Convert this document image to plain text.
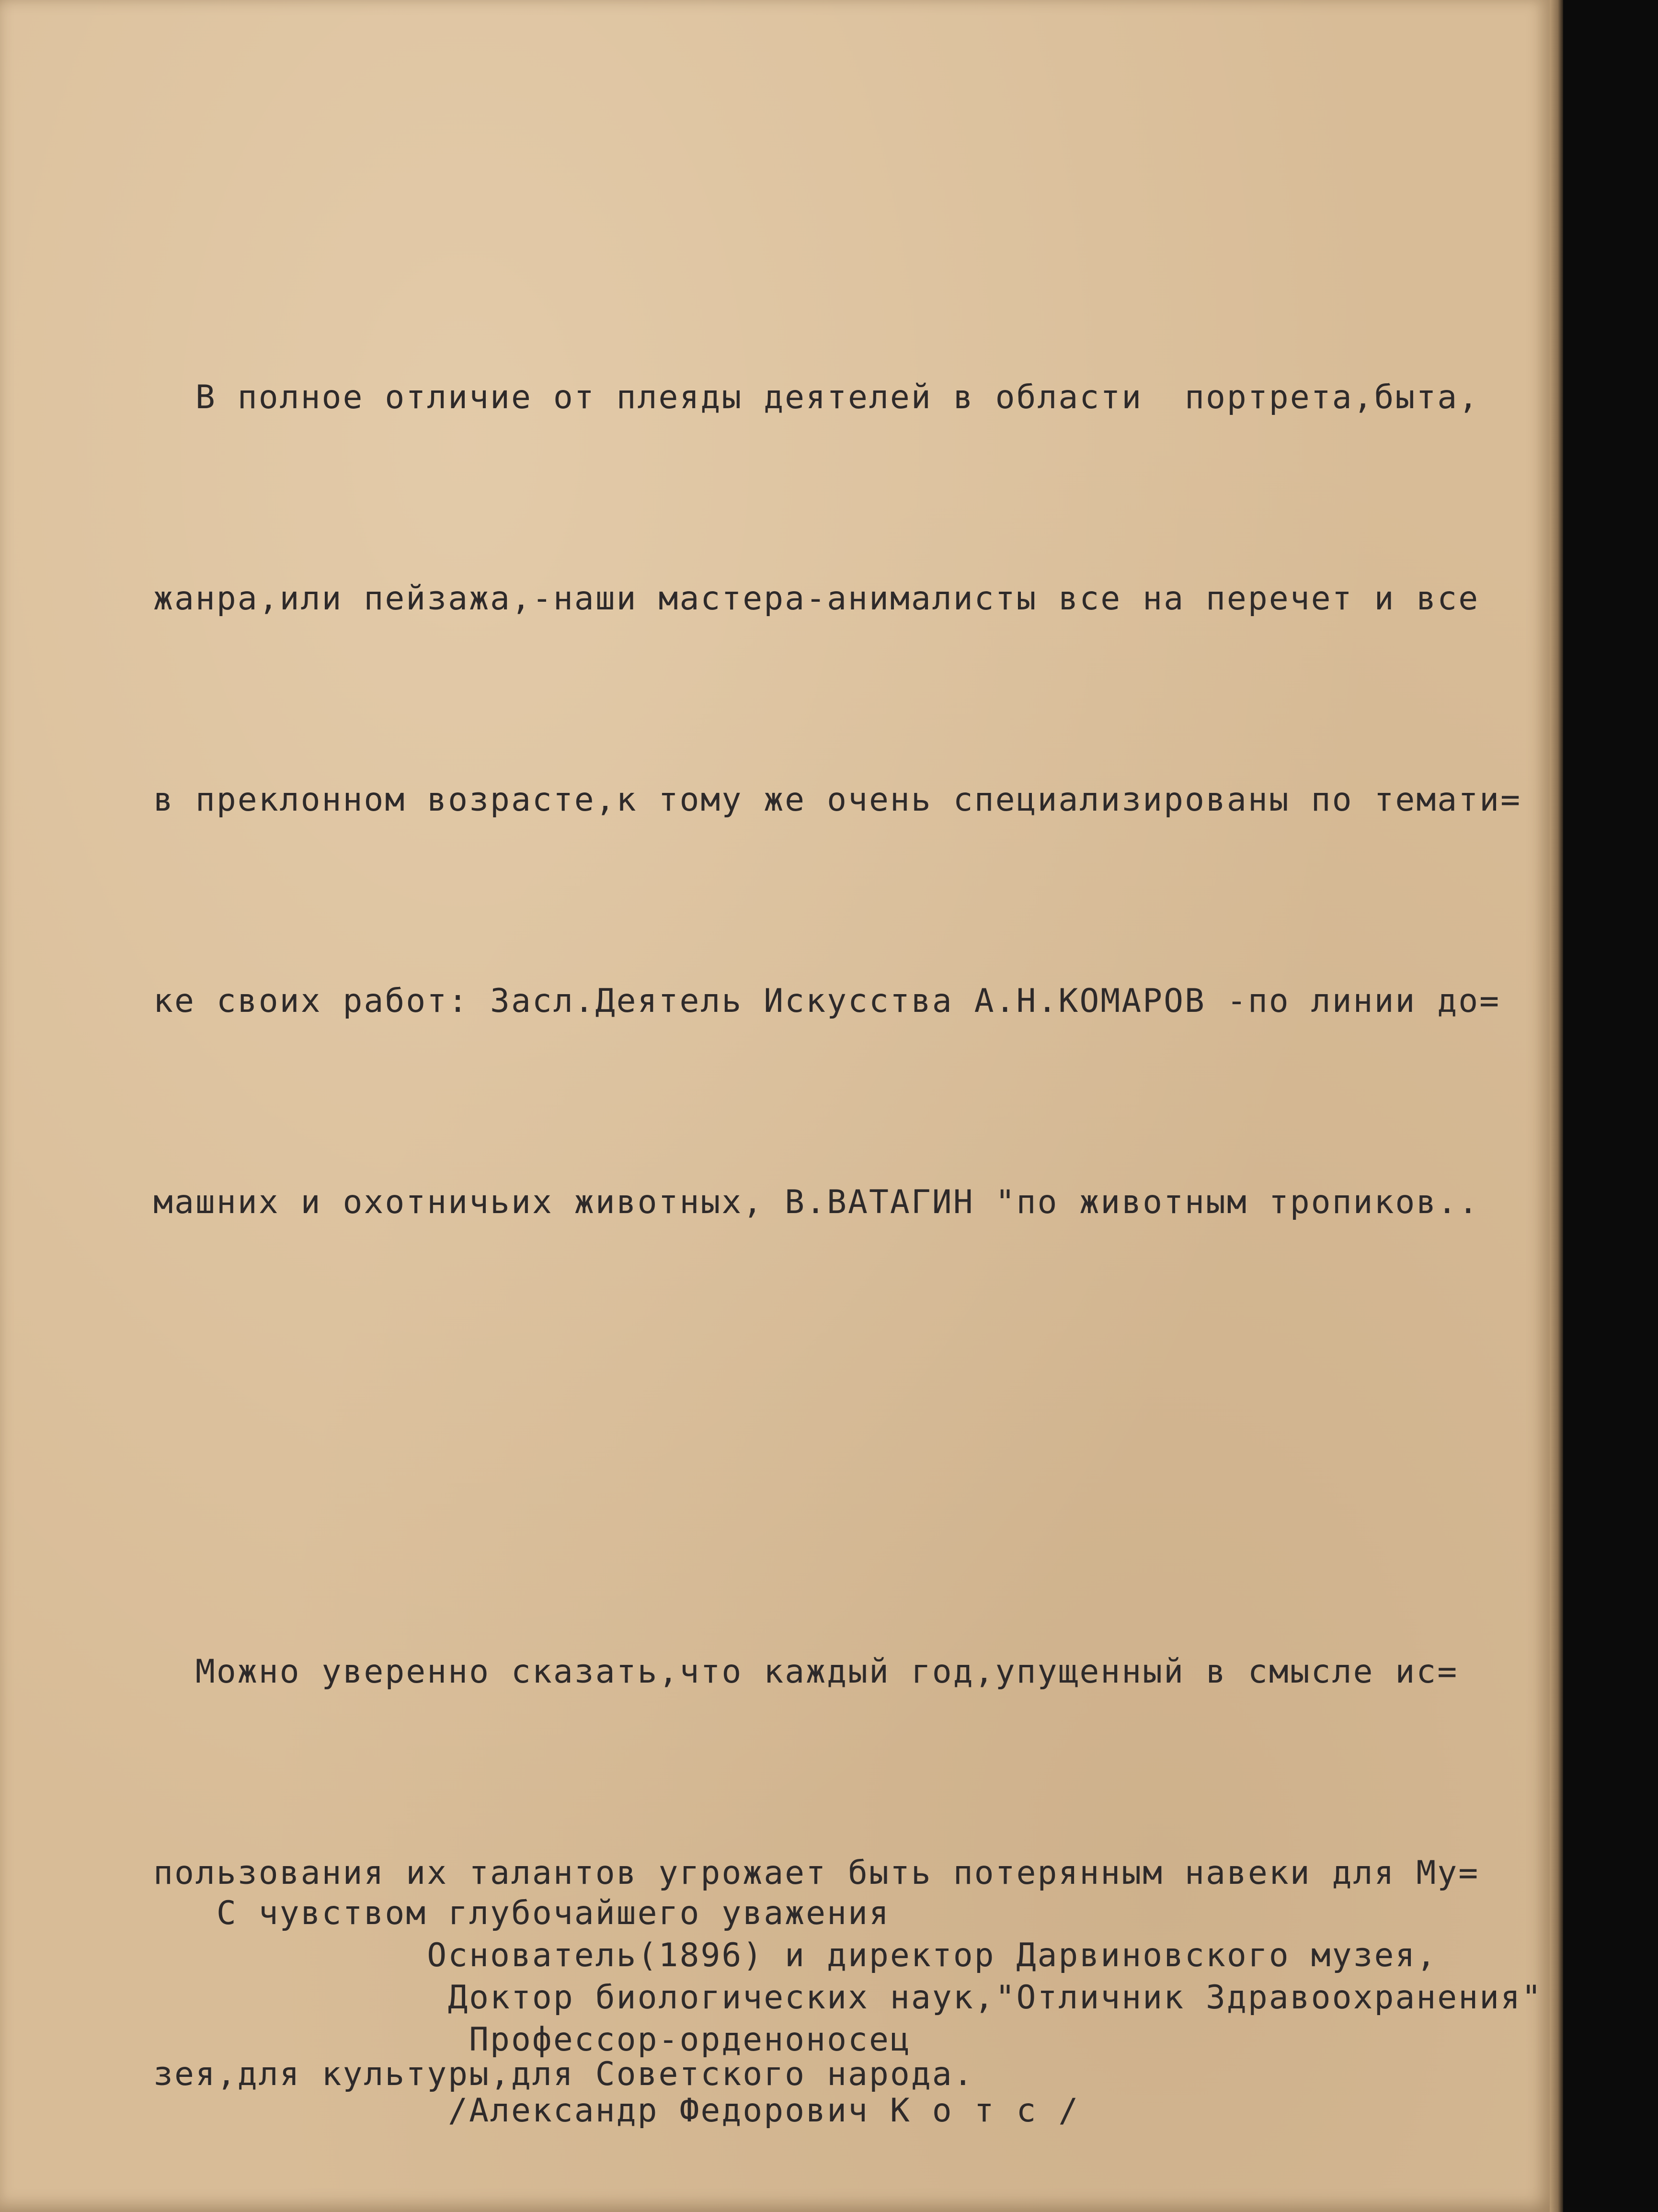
В полное отличие от плеяды деятелей в области  портрета,быта,

жанра,или пейзажа,-наши мастера-анималисты все на перечет и все

в преклонном возрасте,к тому же очень специализированы по темати=

ке своих работ: Засл.Деятель Искусства А.Н.КОМАРОВ -по линии до=

машних и охотничьих животных, В.ВАТАГИН "по животным тропиков..

Можно уверенно сказать,что каждый год,упущенный в смысле ис=

пользования их талантов угрожает быть потерянным навеки для Му=

зея,для культуры,для Советского народа.

С чувством глубочайшего уважения
Основатель(1896) и директор Дарвиновского музея,
Доктор биологических наук,"Отличник Здравоохранения"
Профессор-орденоносец
/Александр Федорович К о т с /
